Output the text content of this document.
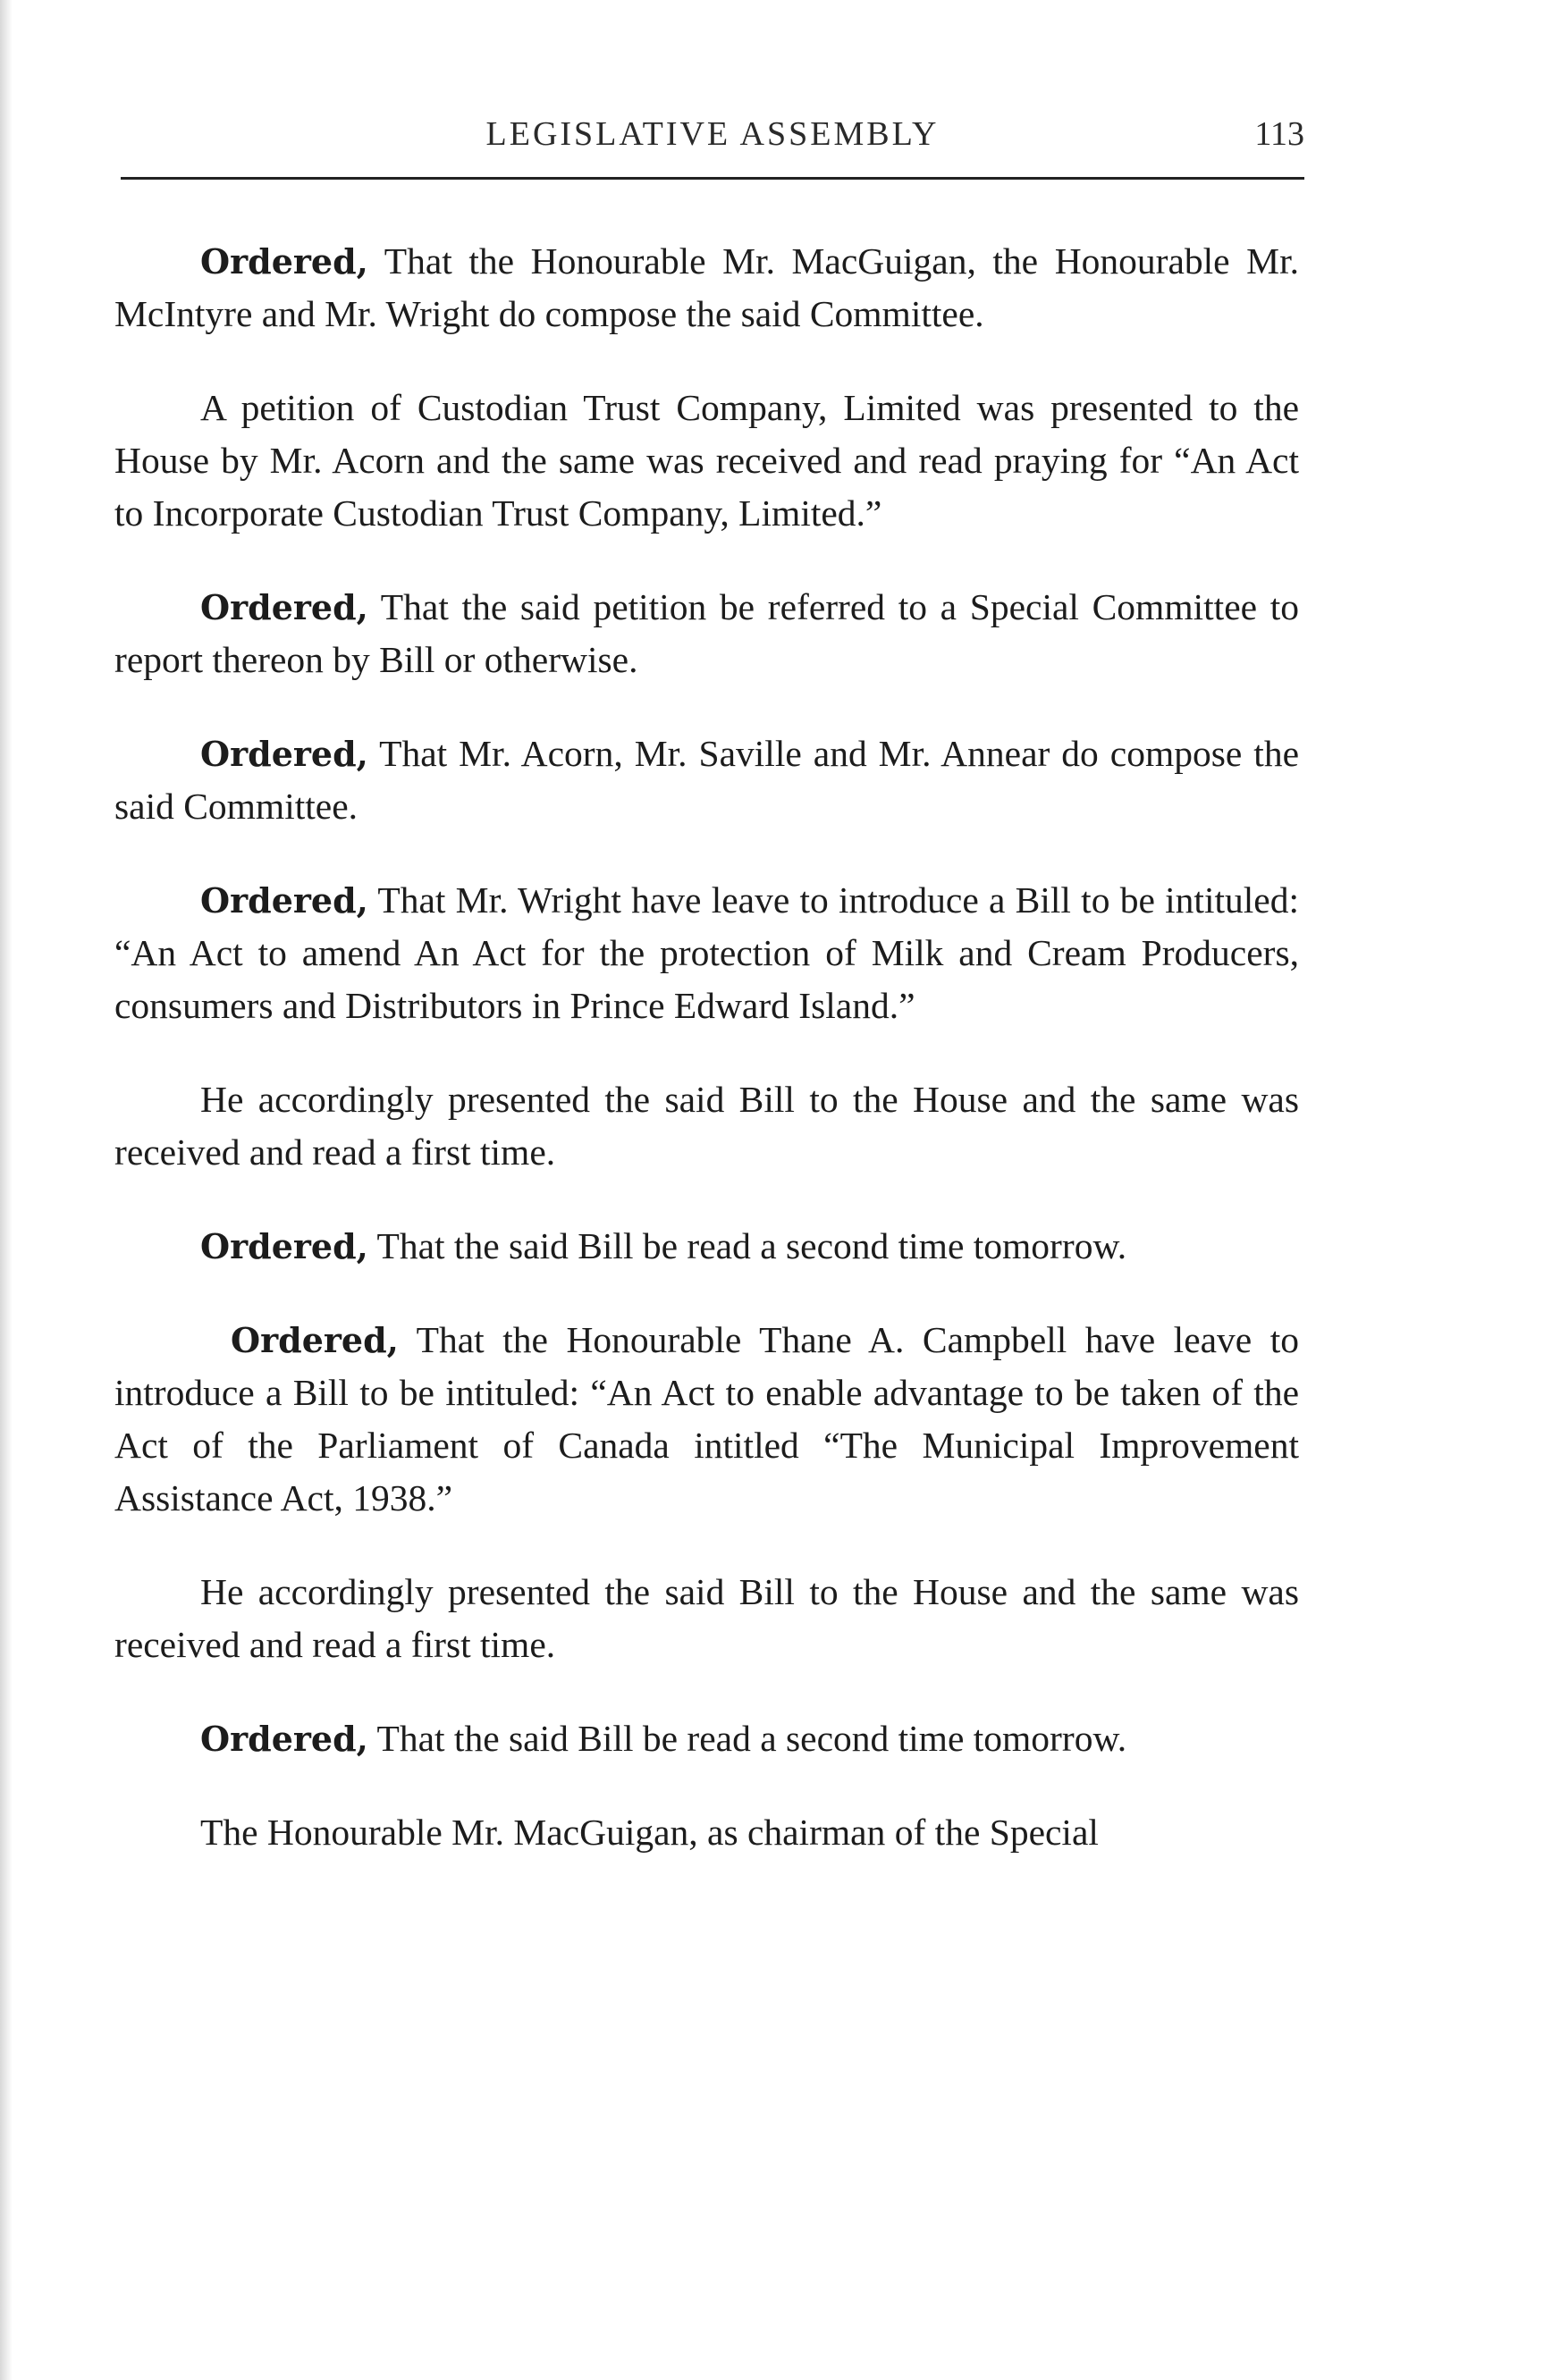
LEGISLATIVE ASSEMBLY	113

Ordered, That the Honourable Mr. MacGuigan, the Honourable Mr. McIntyre and Mr. Wright do compose the said Committee.

A petition of Custodian Trust Company, Limited was presented to the House by Mr. Acorn and the same was received and read praying for “An Act to Incorporate Custodian Trust Company, Limited.”

Ordered, That the said petition be referred to a Special Committee to report thereon by Bill or otherwise.

Ordered, That Mr. Acorn, Mr. Saville and Mr. Annear do compose the said Committee.

Ordered, That Mr. Wright have leave to introduce a Bill to be intituled: “An Act to amend An Act for the protection of Milk and Cream Producers, consumers and Distributors in Prince Edward Island.”

He accordingly presented the said Bill to the House and the same was received and read a first time.

Ordered, That the said Bill be read a second time tomorrow.

Ordered, That the Honourable Thane A. Campbell have leave to introduce a Bill to be intituled: “An Act to enable advantage to be taken of the Act of the Parliament of Canada intitled “The Municipal Improvement Assistance Act, 1938.”

He accordingly presented the said Bill to the House and the same was received and read a first time.

Ordered, That the said Bill be read a second time tomorrow.

The Honourable Mr. MacGuigan, as chairman of the Special
